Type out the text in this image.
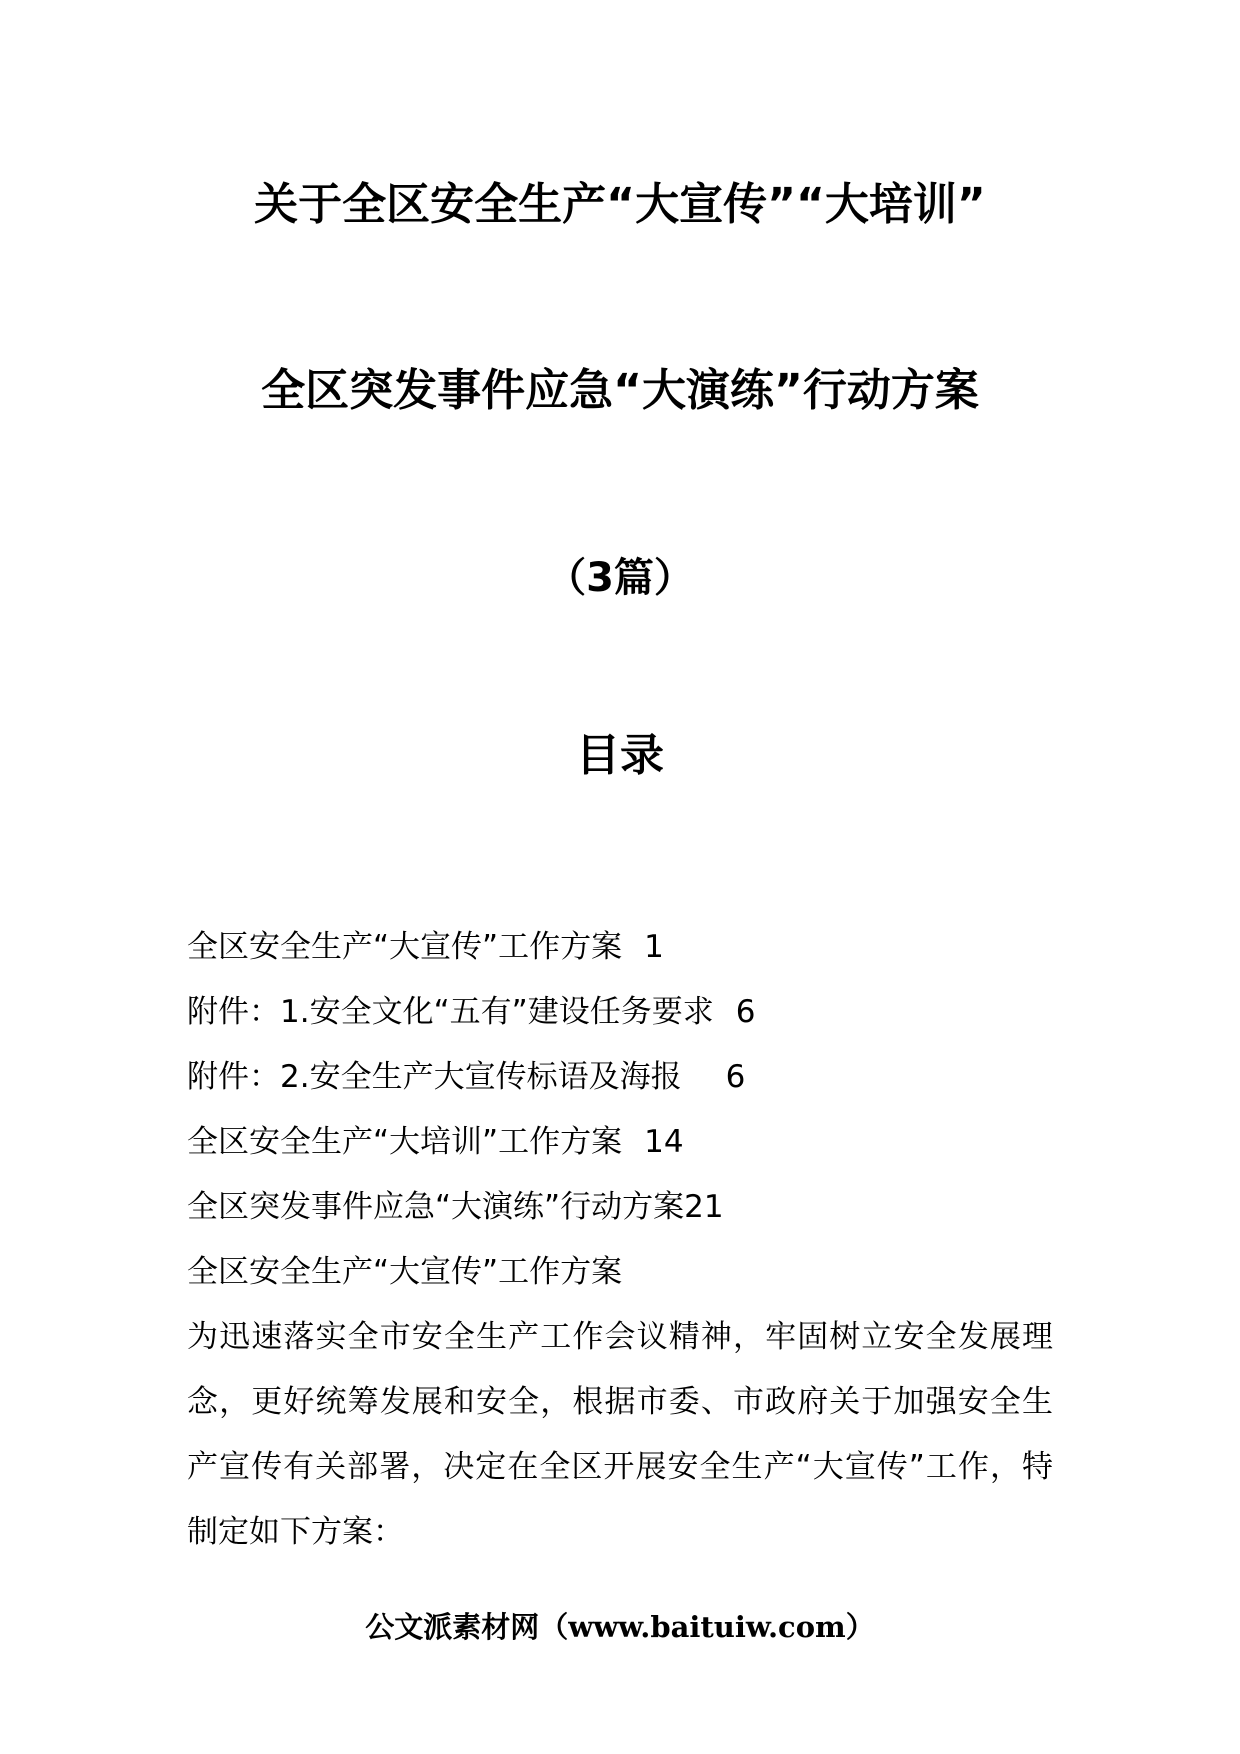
关于全区安全生产“大宣传”“大培训”
全区突发事件应急“大演练”行动方案
（3篇）
目录
全区安全生产“大宣传”工作方案 1
附件：1.安全文化“五有”建设任务要求 6
附件：2.安全生产大宣传标语及海报 6
全区安全生产“大培训”工作方案 14
全区突发事件应急“大演练”行动方案21
全区安全生产“大宣传”工作方案

为迅速落实全市安全生产工作会议精神，牢固树立安全发展理念，更好统筹发展和安全，根据市委、市政府关于加强安全生产宣传有关部署，决定在全区开展安全生产“大宣传”工作，特制定如下方案：

公文派素材网（www.baituiw.com）
